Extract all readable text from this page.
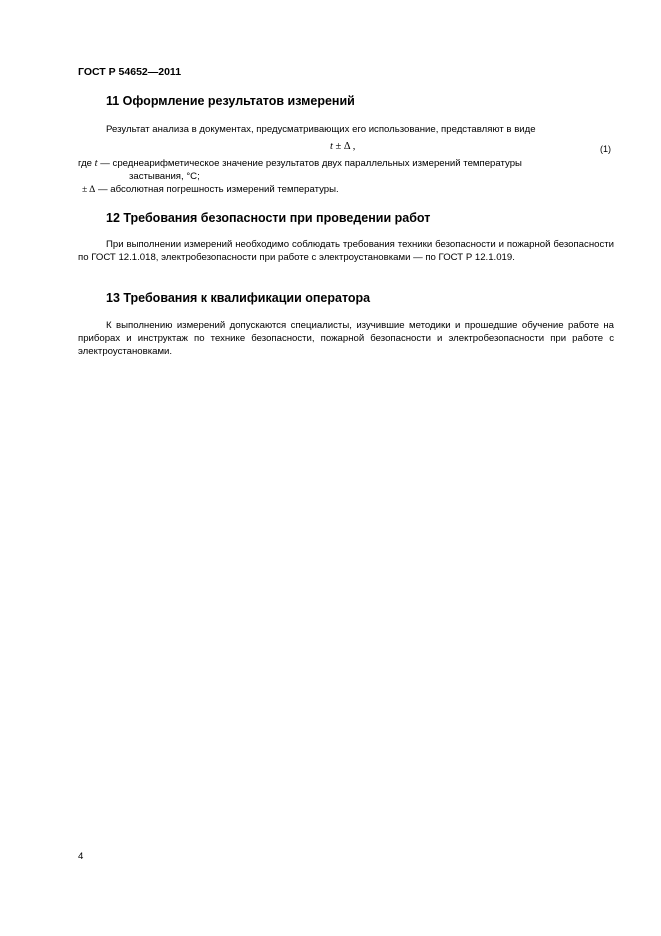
ГОСТ Р 54652—2011
11 Оформление результатов измерений
Результат анализа в документах, предусматривающих его использование, представляют в виде
t ± Δ ,	(1)
где t — среднеарифметическое значение результатов двух параллельных измерений температуры
застывания, °С;
± Δ — абсолютная погрешность измерений температуры.
12 Требования безопасности при проведении работ
При выполнении измерений необходимо соблюдать требования техники безопасности и пожарной безопасности по ГОСТ 12.1.018, электробезопасности при работе с электроустановками — по ГОСТ Р 12.1.019.
13 Требования к квалификации оператора
К выполнению измерений допускаются специалисты, изучившие методики и прошедшие обучение работе на приборах и инструктаж по технике безопасности, пожарной безопасности и электробезопасности при работе с электроустановками.
4
